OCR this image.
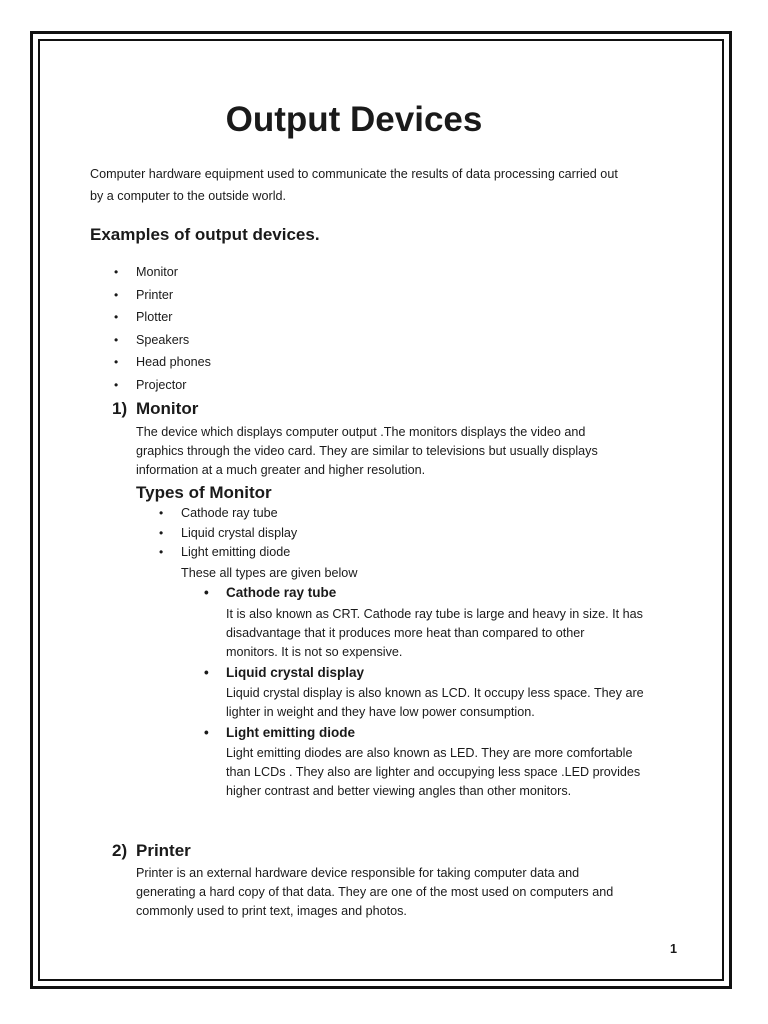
Output Devices

Computer hardware equipment used to communicate the results of data processing carried out

by a computer to the outside world.

Examples of output devices.
• Monitor
• Printer
• Plotter
• Speakers
• Head phones
• Projector
1) Monitor

The device which displays computer output .The monitors displays the video and

graphics through the video card. They are similar to televisions but usually displays

information at a much greater and higher resolution.

Types of Monitor
• Cathode ray tube
• Liquid crystal display
• Light emitting diode

These all types are given below

• Cathode ray tube

It is also known as CRT. Cathode ray tube is large and heavy in size. It has

disadvantage that it produces more heat than compared to other

monitors. It is not so expensive.

• Liquid crystal display

Liquid crystal display is also known as LCD. It occupy less space. They are

lighter in weight and they have low power consumption.

• Light emitting diode

Light emitting diodes are also known as LED. They are more comfortable

than LCDs . They also are lighter and occupying less space .LED provides

higher contrast and better viewing angles than other monitors.

2) Printer

Printer is an external hardware device responsible for taking computer data and

generating a hard copy of that data. They are one of the most used on computers and

commonly used to print text, images and photos.

1
